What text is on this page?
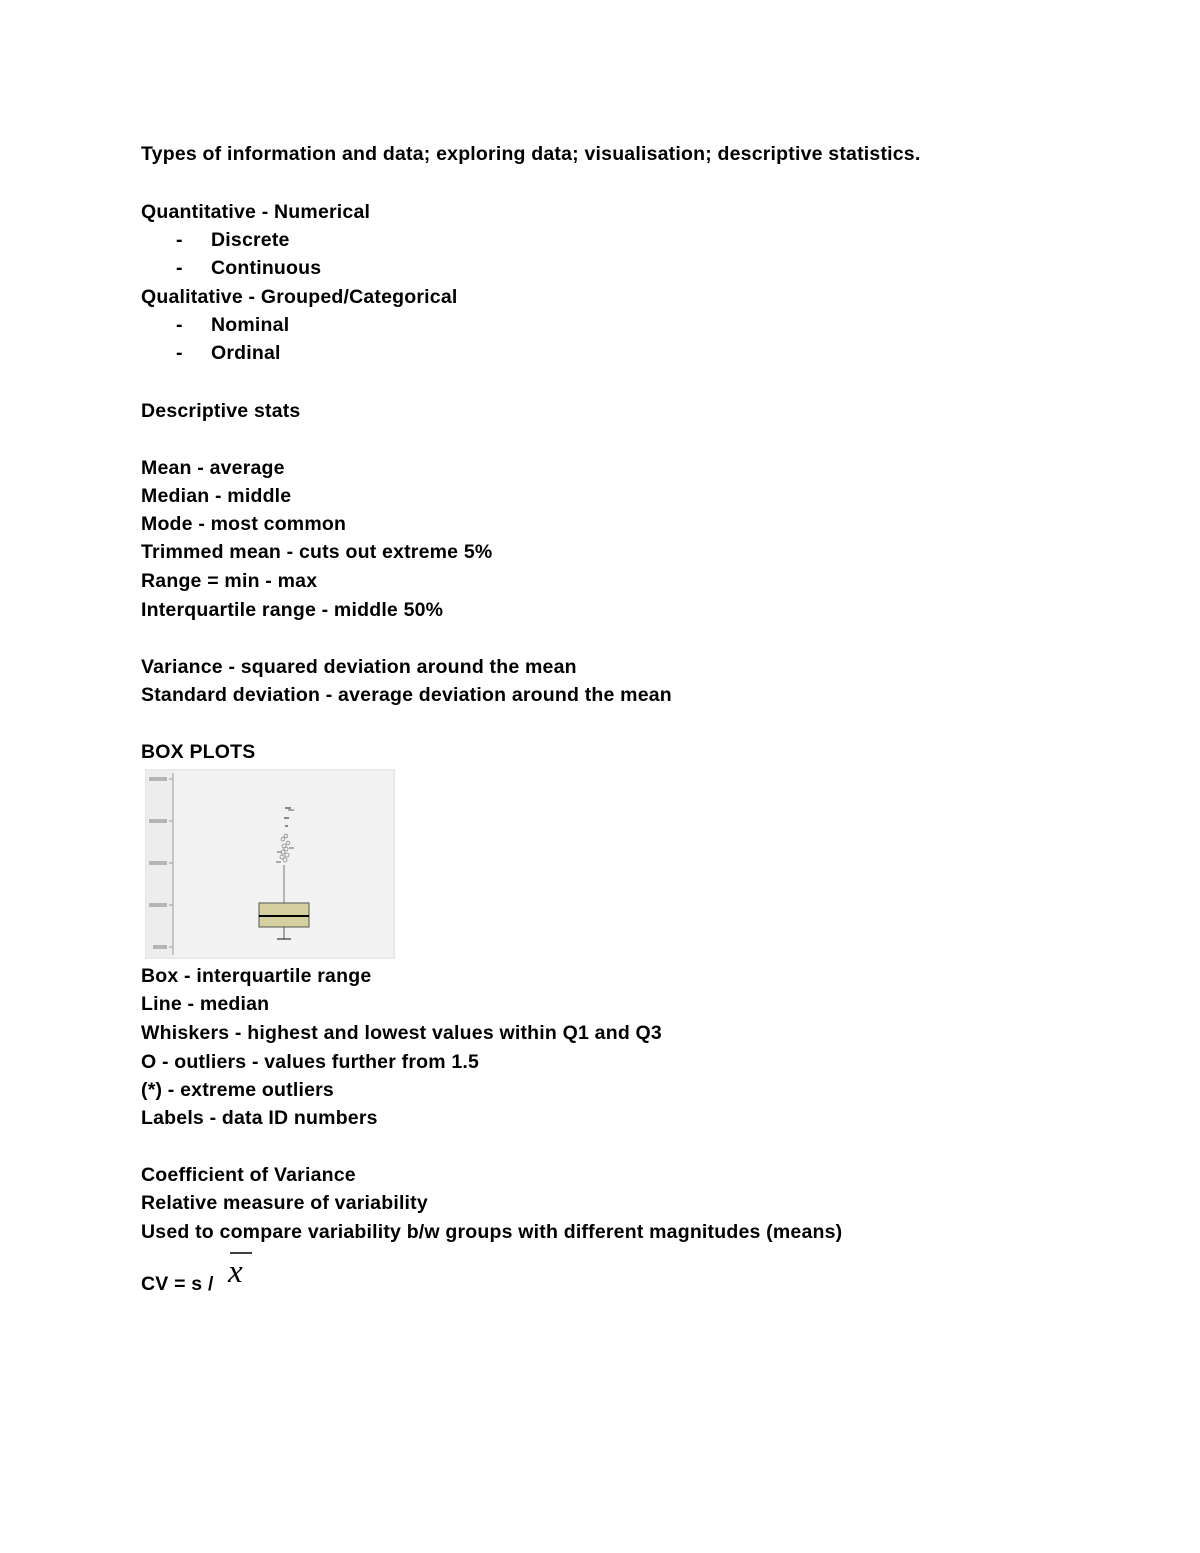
Types of information and data; exploring data; visualisation; descriptive statistics.
Quantitative - Numerical
- Discrete
- Continuous
Qualitative - Grouped/Categorical
- Nominal
- Ordinal
Descriptive stats
Mean - average
Median - middle
Mode - most common
Trimmed mean - cuts out extreme 5%
Range = min - max
Interquartile range - middle 50%
Variance - squared deviation around the mean
Standard deviation - average deviation around the mean
BOX PLOTS
Box - interquartile range
Line - median
Whiskers - highest and lowest values within Q1 and Q3
O - outliers - values further from 1.5
(*) - extreme outliers
Labels - data ID numbers
Coefficient of Variance
Relative measure of variability
Used to compare variability b/w groups with different magnitudes (means)
CV = s / x
